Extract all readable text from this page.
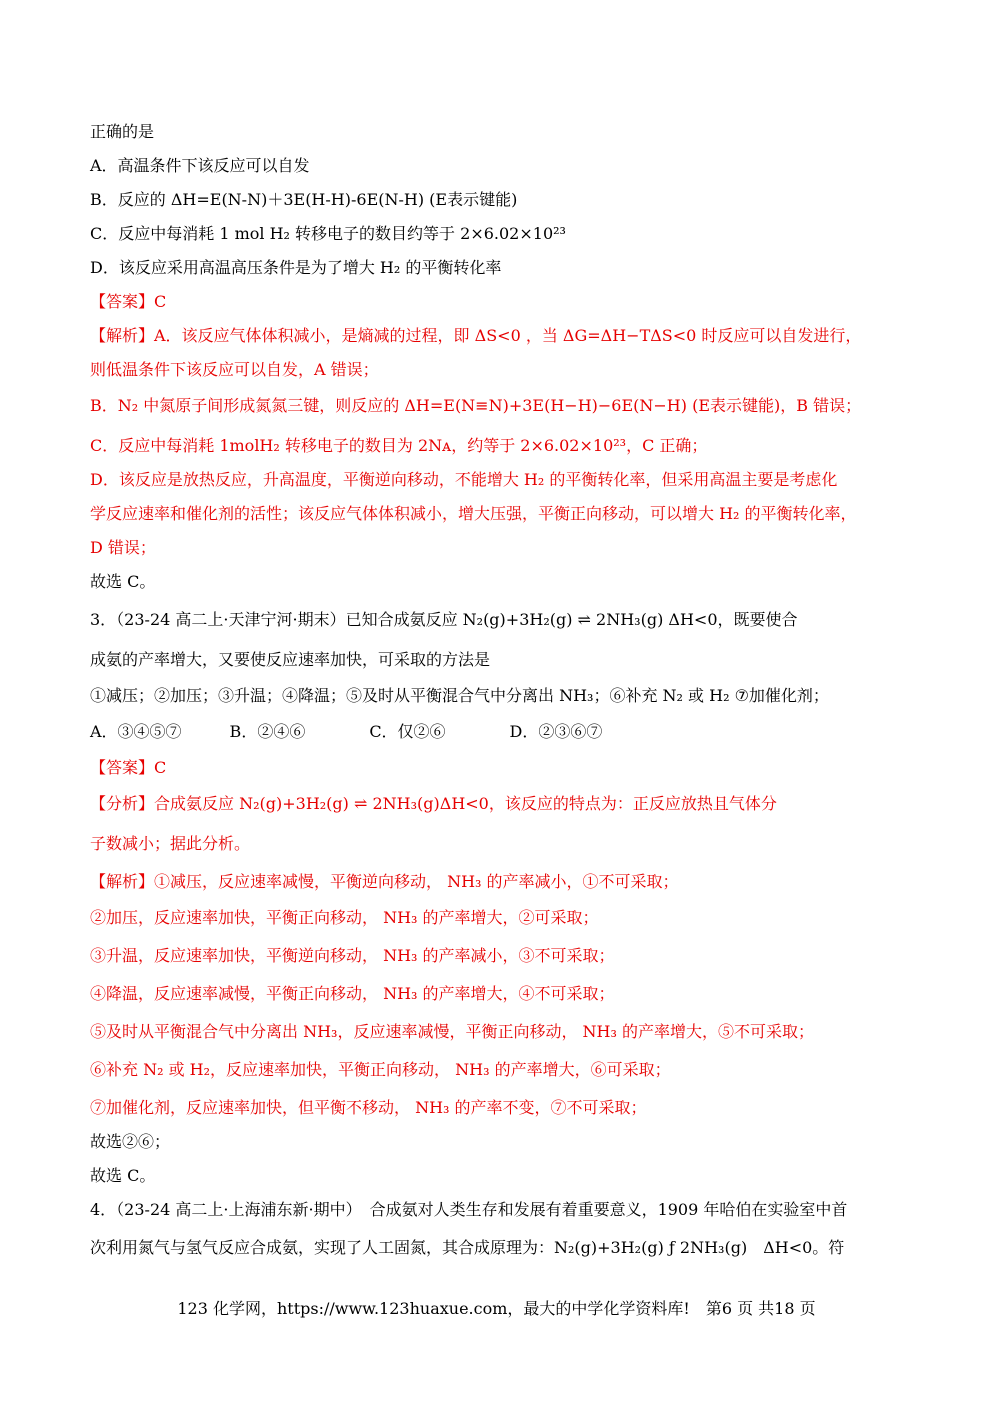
正确的是
A．高温条件下该反应可以自发
B．反应的 ΔH=E(N-N)＋3E(H-H)-6E(N-H) (E表示键能)
C．反应中每消耗 1 mol H₂ 转移电子的数目约等于 2×6.02×10²³
D．该反应采用高温高压条件是为了增大 H₂ 的平衡转化率
【答案】C
【解析】A．该反应气体体积减小，是熵减的过程，即 ΔS<0 ，当 ΔG=ΔH−TΔS<0 时反应可以自发进行，
则低温条件下该反应可以自发，A 错误；
B．N₂ 中氮原子间形成氮氮三键，则反应的 ΔH=E(N≡N)+3E(H−H)−6E(N−H) (E表示键能)，B 错误；
C．反应中每消耗 1molH₂ 转移电子的数目为 2Nᴀ，约等于 2×6.02×10²³，C 正确；
D．该反应是放热反应，升高温度，平衡逆向移动，不能增大 H₂ 的平衡转化率，但采用高温主要是考虑化
学反应速率和催化剂的活性；该反应气体体积减小，增大压强，平衡正向移动，可以增大 H₂ 的平衡转化率，
D 错误；
故选 C。
3．（23-24 高二上·天津宁河·期末）已知合成氨反应 N₂(g)+3H₂(g) ⇌ 2NH₃(g) ΔH<0，既要使合
成氨的产率增大，又要使反应速率加快，可采取的方法是
①减压；②加压；③升温；④降温；⑤及时从平衡混合气中分离出 NH₃；⑥补充 N₂ 或 H₂ ⑦加催化剂；
A．③④⑤⑦　　　B．②④⑥　　　　C．仅②⑥　　　　D．②③⑥⑦
【答案】C
【分析】合成氨反应 N₂(g)+3H₂(g) ⇌ 2NH₃(g)ΔH<0，该反应的特点为：正反应放热且气体分
子数减小；据此分析。
【解析】①减压，反应速率减慢，平衡逆向移动， NH₃ 的产率减小，①不可采取；
②加压，反应速率加快，平衡正向移动， NH₃ 的产率增大，②可采取；
③升温，反应速率加快，平衡逆向移动， NH₃ 的产率减小，③不可采取；
④降温，反应速率减慢，平衡正向移动， NH₃ 的产率增大，④不可采取；
⑤及时从平衡混合气中分离出 NH₃，反应速率减慢，平衡正向移动， NH₃ 的产率增大，⑤不可采取；
⑥补充 N₂ 或 H₂，反应速率加快，平衡正向移动， NH₃ 的产率增大，⑥可采取；
⑦加催化剂，反应速率加快，但平衡不移动， NH₃ 的产率不变，⑦不可采取；
故选②⑥；
故选 C。
4．（23-24 高二上·上海浦东新·期中）　合成氨对人类生存和发展有着重要意义，1909 年哈伯在实验室中首
次利用氮气与氢气反应合成氨，实现了人工固氮，其合成原理为：N₂(g)+3H₂(g) ƒ 2NH₃(g)　ΔH<0。符
123 化学网，https://www.123huaxue.com，最大的中学化学资料库!　第6 页 共18 页
